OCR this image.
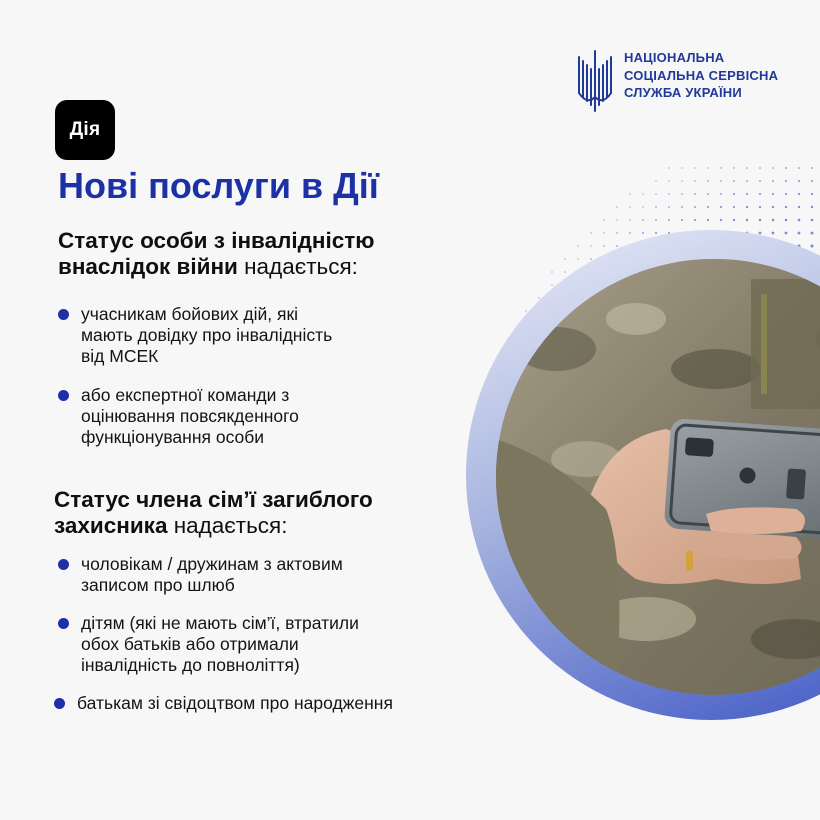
НАЦІОНАЛЬНА
СОЦІАЛЬНА СЕРВІСНА
СЛУЖБА УКРАЇНИ
Дія
Нові послуги в Дії
Статус особи з інвалідністю внаслідок війни надається:
учасникам бойових дій, які
мають довідку про інвалідність
від МСЕК
або експертної команди з
оцінювання повсякденного
функціонування особи
Статус члена сім’ї загиблого захисника надається:
чоловікам / дружинам з актовим
записом про шлюб
дітям (які не мають сім’ї, втратили
обох батьків або отримали
інвалідність до повноліття)
батькам зі свідоцтвом про народження
